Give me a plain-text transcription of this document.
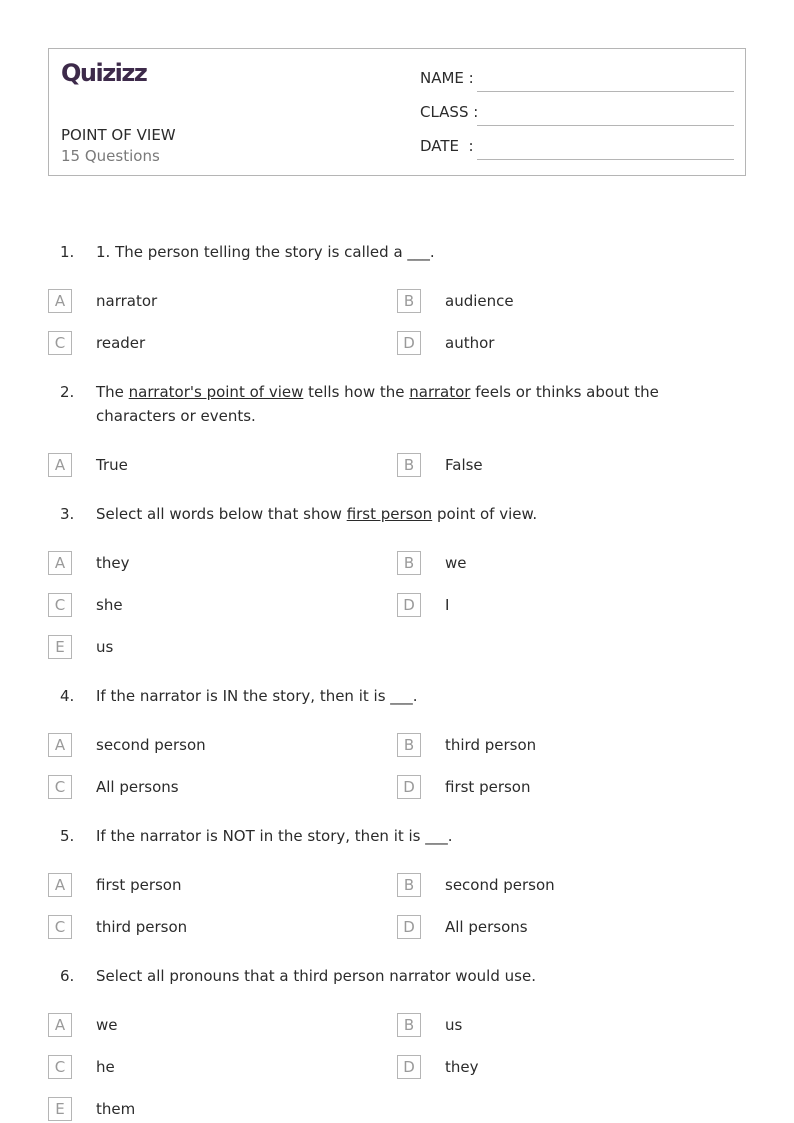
Quizizz
POINT OF VIEW
15 Questions
NAME :
CLASS :
DATE  :
1.	1. The person telling the story is called a ___.
A	narrator	B	audience
C	reader	D	author
2.	The narrator's point of view tells how the narrator feels or thinks about the characters or events.
A	True	B	False
3.	Select all words below that show first person point of view.
A	they	B	we
C	she	D	I
E	us
4.	If the narrator is IN the story, then it is ___.
A	second person	B	third person
C	All persons	D	first person
5.	If the narrator is NOT in the story, then it is ___.
A	first person	B	second person
C	third person	D	All persons
6.	Select all pronouns that a third person narrator would use.
A	we	B	us
C	he	D	they
E	them
